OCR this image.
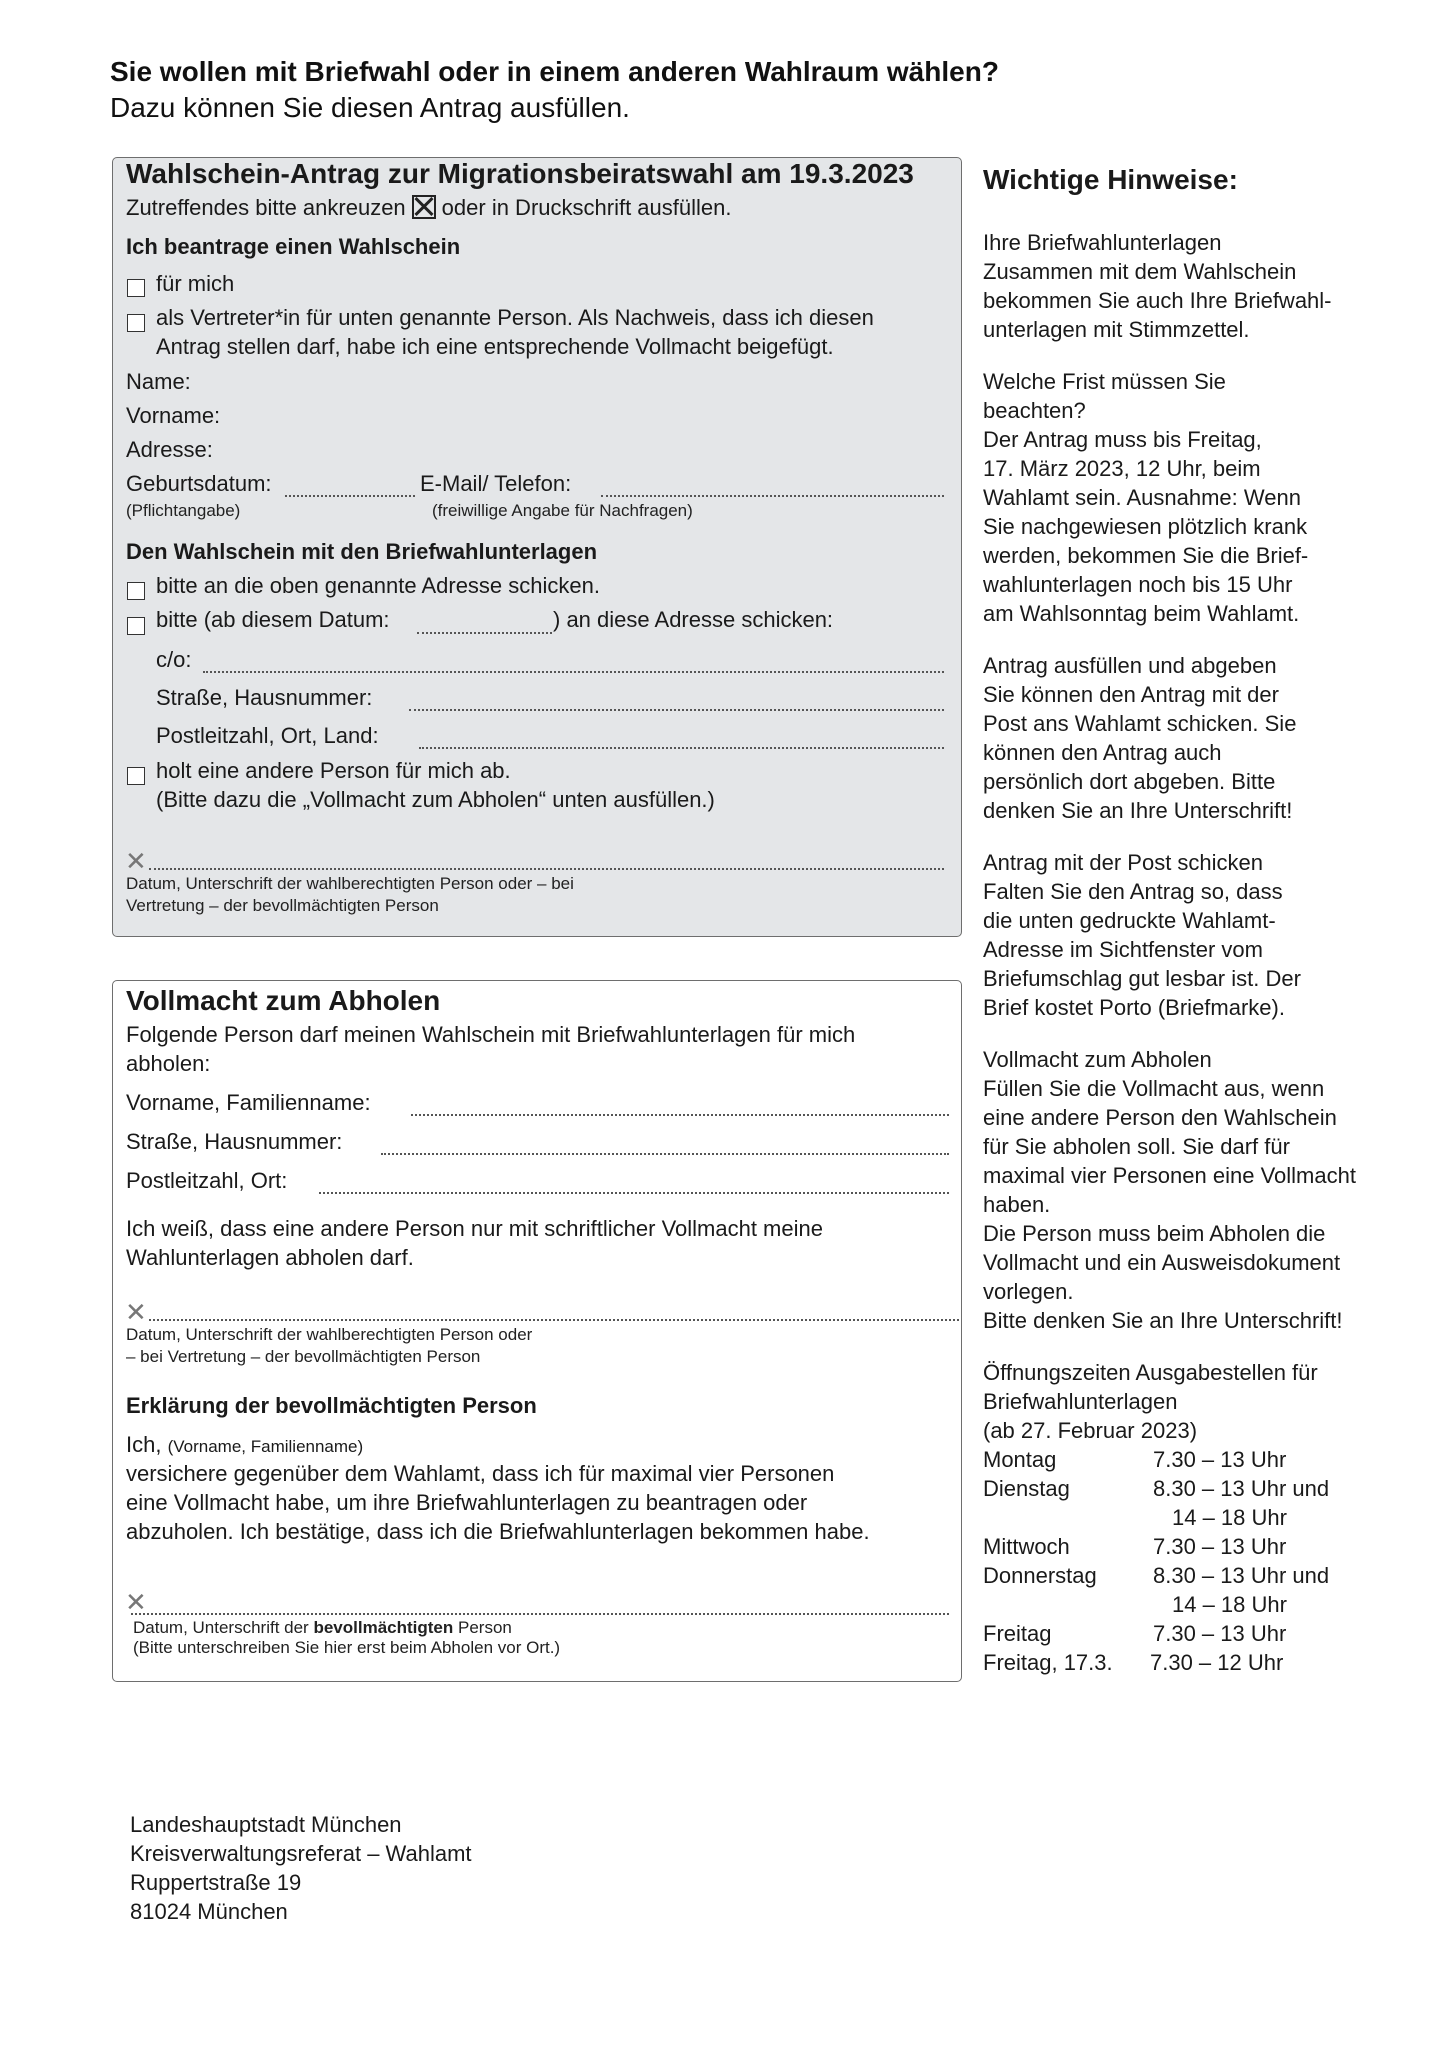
Sie wollen mit Briefwahl oder in einem anderen Wahlraum wählen?
Dazu können Sie diesen Antrag ausfüllen.
Wahlschein-Antrag zur Migrationsbeiratswahl am 19.3.2023
Zutreffendes bitte ankreuzen ☒ oder in Druckschrift ausfüllen.
Ich beantrage einen Wahlschein
für mich
als Vertreter*in für unten genannte Person. Als Nachweis, dass ich diesen
Antrag stellen darf, habe ich eine entsprechende Vollmacht beigefügt.
Name:
Vorname:
Adresse:
Geburtsdatum:	E-Mail/ Telefon:
(Pflichtangabe)	(freiwillige Angabe für Nachfragen)
Den Wahlschein mit den Briefwahlunterlagen
bitte an die oben genannte Adresse schicken.
bitte (ab diesem Datum:	) an diese Adresse schicken:
c/o:
Straße, Hausnummer:
Postleitzahl, Ort, Land:
holt eine andere Person für mich ab.
(Bitte dazu die „Vollmacht zum Abholen“ unten ausfüllen.)
✕
Datum, Unterschrift der wahlberechtigten Person oder – bei
Vertretung – der bevollmächtigten Person
Vollmacht zum Abholen
Folgende Person darf meinen Wahlschein mit Briefwahlunterlagen für mich
abholen:
Vorname, Familienname:
Straße, Hausnummer:
Postleitzahl, Ort:
Ich weiß, dass eine andere Person nur mit schriftlicher Vollmacht meine
Wahlunterlagen abholen darf.
✕
Datum, Unterschrift der wahlberechtigten Person oder
– bei Vertretung – der bevollmächtigten Person
Erklärung der bevollmächtigten Person
Ich, (Vorname, Familienname)
versichere gegenüber dem Wahlamt, dass ich für maximal vier Personen
eine Vollmacht habe, um ihre Briefwahlunterlagen zu beantragen oder
abzuholen. Ich bestätige, dass ich die Briefwahlunterlagen bekommen habe.
✕
Datum, Unterschrift der bevollmächtigten Person
(Bitte unterschreiben Sie hier erst beim Abholen vor Ort.)
Wichtige Hinweise:
Ihre Briefwahlunterlagen
Zusammen mit dem Wahlschein
bekommen Sie auch Ihre Briefwahl-
unterlagen mit Stimmzettel.
Welche Frist müssen Sie
beachten?
Der Antrag muss bis Freitag,
17. März 2023, 12 Uhr, beim
Wahlamt sein. Ausnahme: Wenn
Sie nachgewiesen plötzlich krank
werden, bekommen Sie die Brief-
wahlunterlagen noch bis 15 Uhr
am Wahlsonntag beim Wahlamt.
Antrag ausfüllen und abgeben
Sie können den Antrag mit der
Post ans Wahlamt schicken. Sie
können den Antrag auch
persönlich dort abgeben. Bitte
denken Sie an Ihre Unterschrift!
Antrag mit der Post schicken
Falten Sie den Antrag so, dass
die unten gedruckte Wahlamt-
Adresse im Sichtfenster vom
Briefumschlag gut lesbar ist. Der
Brief kostet Porto (Briefmarke).
Vollmacht zum Abholen
Füllen Sie die Vollmacht aus, wenn
eine andere Person den Wahlschein
für Sie abholen soll. Sie darf für
maximal vier Personen eine Vollmacht
haben.
Die Person muss beim Abholen die
Vollmacht und ein Ausweisdokument
vorlegen.
Bitte denken Sie an Ihre Unterschrift!
Öffnungszeiten Ausgabestellen für
Briefwahlunterlagen
(ab 27. Februar 2023)
Montag	7.30 – 13 Uhr
Dienstag	8.30 – 13 Uhr und
14 – 18 Uhr
Mittwoch	7.30 – 13 Uhr
Donnerstag	8.30 – 13 Uhr und
14 – 18 Uhr
Freitag	7.30 – 13 Uhr
Freitag, 17.3. 7.30 – 12 Uhr
Landeshauptstadt München
Kreisverwaltungsreferat – Wahlamt
Ruppertstraße 19
81024 München
